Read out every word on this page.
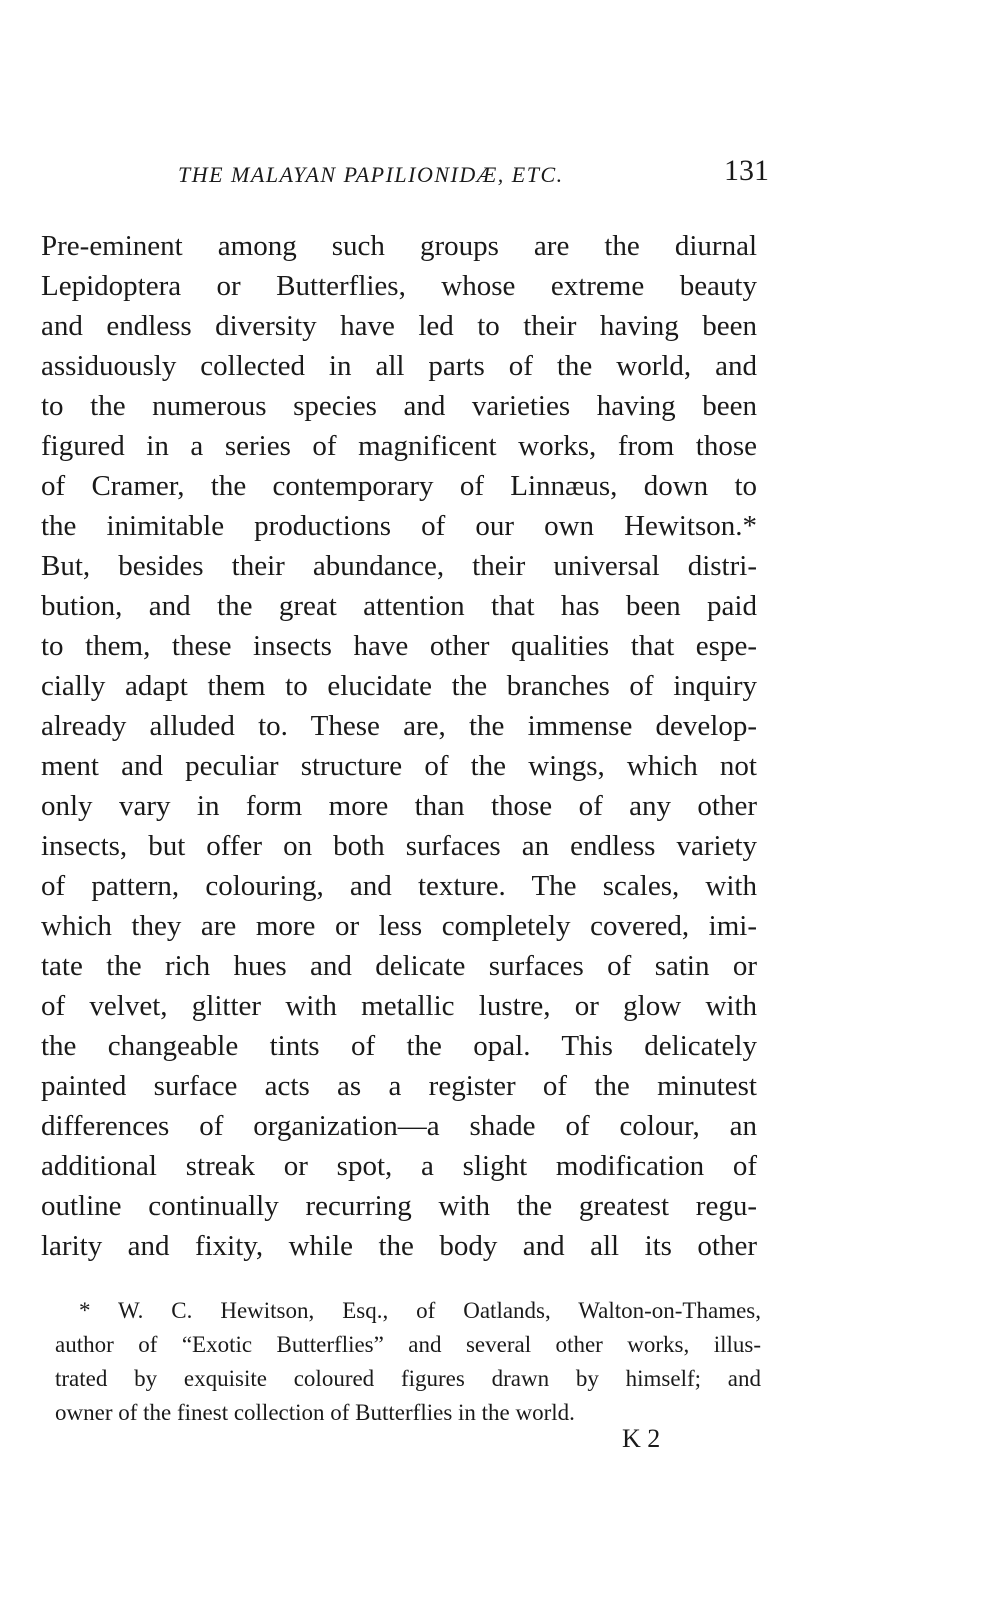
THE MALAYAN PAPILIONIDÆ, ETC.	131
Pre-eminent among such groups are the diurnal
Lepidoptera or Butterflies, whose extreme beauty
and endless diversity have led to their having been
assiduously collected in all parts of the world, and
to the numerous species and varieties having been
figured in a series of magnificent works, from those
of Cramer, the contemporary of Linnæus, down to
the inimitable productions of our own Hewitson.*
But, besides their abundance, their universal distri-
bution, and the great attention that has been paid
to them, these insects have other qualities that espe-
cially adapt them to elucidate the branches of inquiry
already alluded to. These are, the immense develop-
ment and peculiar structure of the wings, which not
only vary in form more than those of any other
insects, but offer on both surfaces an endless variety
of pattern, colouring, and texture. The scales, with
which they are more or less completely covered, imi-
tate the rich hues and delicate surfaces of satin or
of velvet, glitter with metallic lustre, or glow with
the changeable tints of the opal. This delicately
painted surface acts as a register of the minutest
differences of organization—a shade of colour, an
additional streak or spot, a slight modification of
outline continually recurring with the greatest regu-
larity and fixity, while the body and all its other
* W. C. Hewitson, Esq., of Oatlands, Walton-on-Thames,
author of “Exotic Butterflies” and several other works, illus-
trated by exquisite coloured figures drawn by himself; and
owner of the finest collection of Butterflies in the world.
K 2
